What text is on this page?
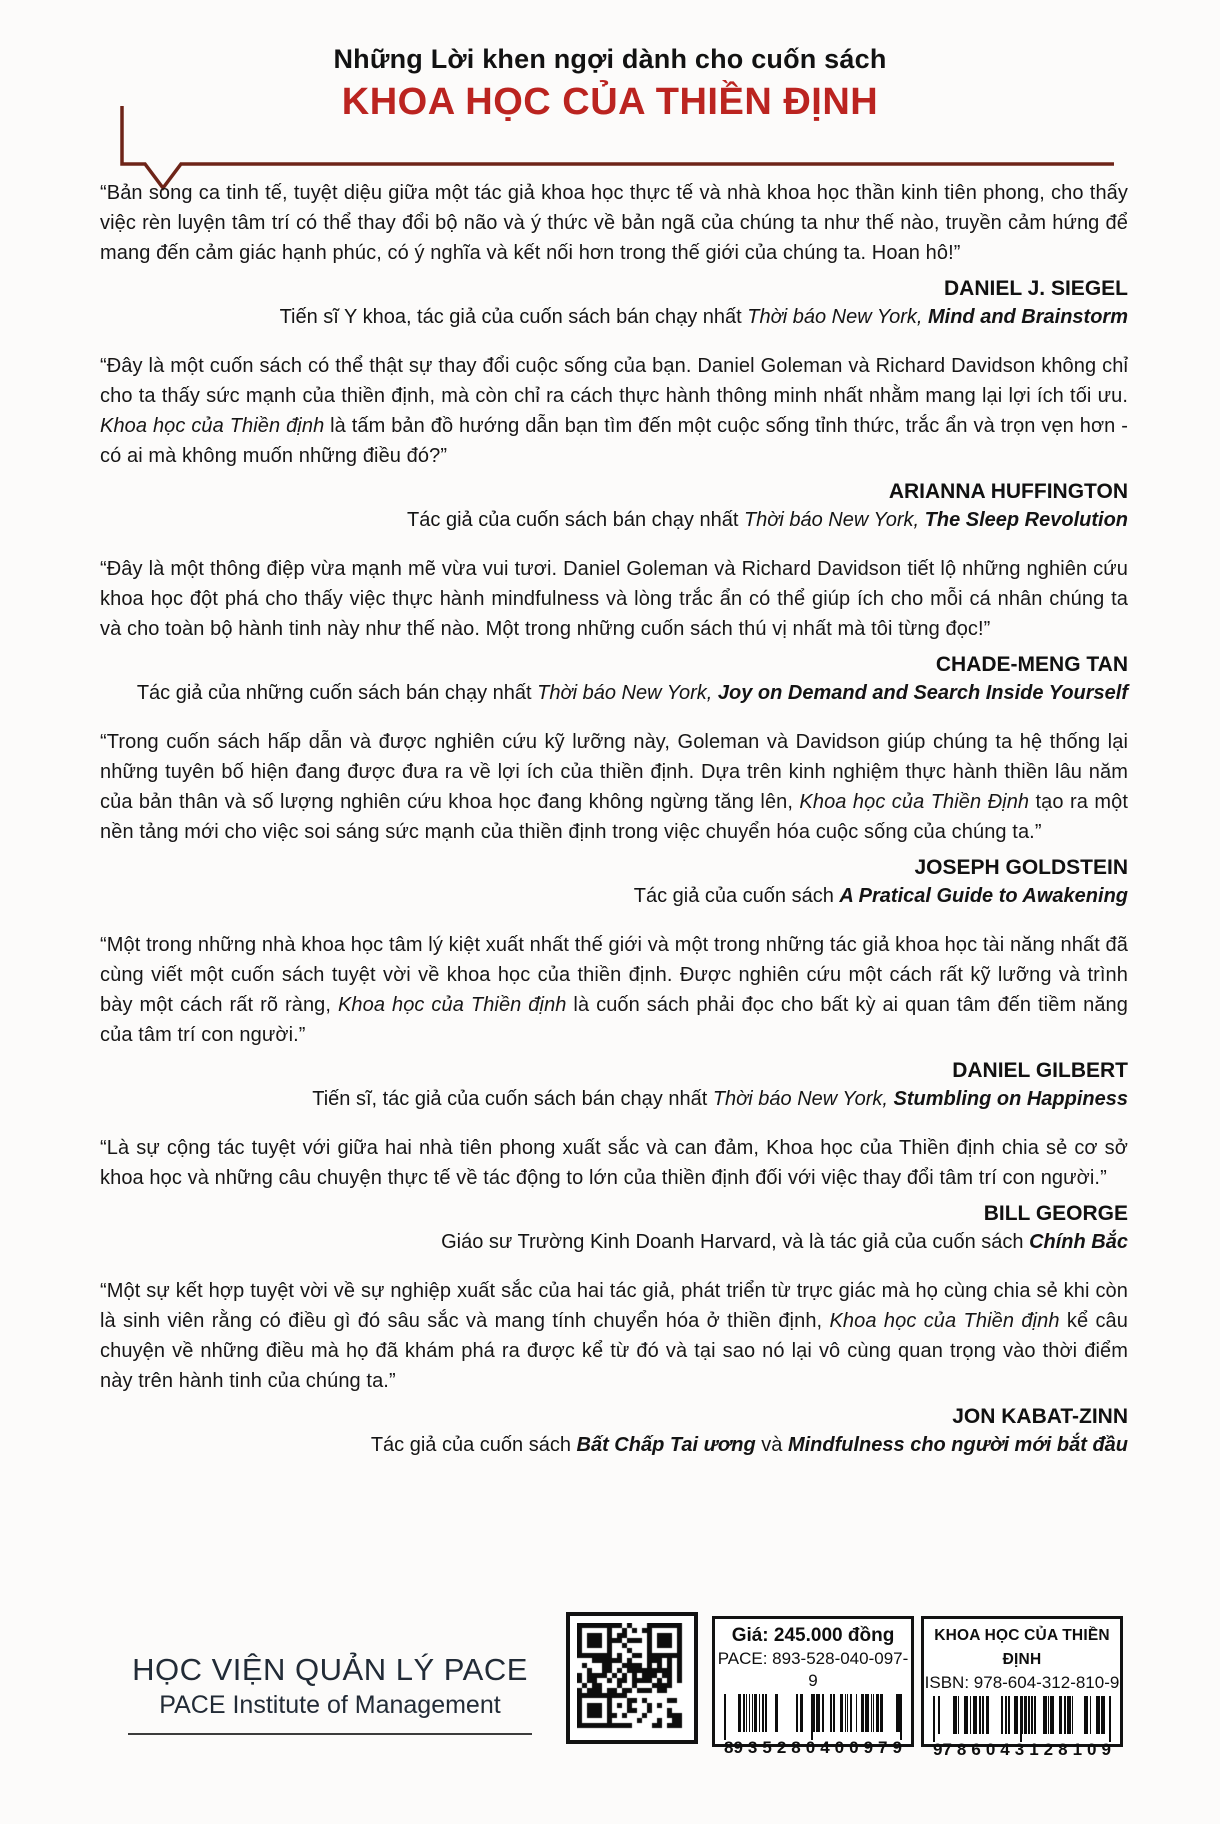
Những Lời khen ngợi dành cho cuốn sách
KHOA HỌC CỦA THIỀN ĐỊNH

“Bản song ca tinh tế, tuyệt diệu giữa một tác giả khoa học thực tế và nhà khoa học thần kinh tiên phong, cho thấy việc rèn luyện tâm trí có thể thay đổi bộ não và ý thức về bản ngã của chúng ta như thế nào, truyền cảm hứng để mang đến cảm giác hạnh phúc, có ý nghĩa và kết nối hơn trong thế giới của chúng ta. Hoan hô!”

DANIEL J. SIEGEL
Tiến sĩ Y khoa, tác giả của cuốn sách bán chạy nhất Thời báo New York, Mind and Brainstorm

“Đây là một cuốn sách có thể thật sự thay đổi cuộc sống của bạn. Daniel Goleman và Richard Davidson không chỉ cho ta thấy sức mạnh của thiền định, mà còn chỉ ra cách thực hành thông minh nhất nhằm mang lại lợi ích tối ưu. Khoa học của Thiền định là tấm bản đồ hướng dẫn bạn tìm đến một cuộc sống tỉnh thức, trắc ẩn và trọn vẹn hơn - có ai mà không muốn những điều đó?”

ARIANNA HUFFINGTON
Tác giả của cuốn sách bán chạy nhất Thời báo New York, The Sleep Revolution

“Đây là một thông điệp vừa mạnh mẽ vừa vui tươi. Daniel Goleman và Richard Davidson tiết lộ những nghiên cứu khoa học đột phá cho thấy việc thực hành mindfulness và lòng trắc ẩn có thể giúp ích cho mỗi cá nhân chúng ta và cho toàn bộ hành tinh này như thế nào. Một trong những cuốn sách thú vị nhất mà tôi từng đọc!”

CHADE-MENG TAN
Tác giả của những cuốn sách bán chạy nhất Thời báo New York, Joy on Demand and Search Inside Yourself

“Trong cuốn sách hấp dẫn và được nghiên cứu kỹ lưỡng này, Goleman và Davidson giúp chúng ta hệ thống lại những tuyên bố hiện đang được đưa ra về lợi ích của thiền định. Dựa trên kinh nghiệm thực hành thiền lâu năm của bản thân và số lượng nghiên cứu khoa học đang không ngừng tăng lên, Khoa học của Thiền Định tạo ra một nền tảng mới cho việc soi sáng sức mạnh của thiền định trong việc chuyển hóa cuộc sống của chúng ta.”

JOSEPH GOLDSTEIN
Tác giả của cuốn sách A Pratical Guide to Awakening

“Một trong những nhà khoa học tâm lý kiệt xuất nhất thế giới và một trong những tác giả khoa học tài năng nhất đã cùng viết một cuốn sách tuyệt vời về khoa học của thiền định. Được nghiên cứu một cách rất kỹ lưỡng và trình bày một cách rất rõ ràng, Khoa học của Thiền định là cuốn sách phải đọc cho bất kỳ ai quan tâm đến tiềm năng của tâm trí con người.”

DANIEL GILBERT
Tiến sĩ, tác giả của cuốn sách bán chạy nhất Thời báo New York, Stumbling on Happiness

“Là sự cộng tác tuyệt với giữa hai nhà tiên phong xuất sắc và can đảm, Khoa học của Thiền định chia sẻ cơ sở khoa học và những câu chuyện thực tế về tác động to lớn của thiền định đối với việc thay đổi tâm trí con người.”

BILL GEORGE
Giáo sư Trường Kinh Doanh Harvard, và là tác giả của cuốn sách Chính Bắc

“Một sự kết hợp tuyệt vời về sự nghiệp xuất sắc của hai tác giả, phát triển từ trực giác mà họ cùng chia sẻ khi còn là sinh viên rằng có điều gì đó sâu sắc và mang tính chuyển hóa ở thiền định, Khoa học của Thiền định kể câu chuyện về những điều mà họ đã khám phá ra được kể từ đó và tại sao nó lại vô cùng quan trọng vào thời điểm này trên hành tinh của chúng ta.”

JON KABAT-ZINN
Tác giả của cuốn sách Bất Chấp Tai ương và Mindfulness cho người mới bắt đầu
HỌC VIỆN QUẢN LÝ PACE
PACE Institute of Management
Giá: 245.000 đồng
PACE: 893-528-040-097-9
8 935280 400979
KHOA HỌC CỦA THIỀN ĐỊNH
ISBN: 978-604-312-810-9
9 786043 128109
